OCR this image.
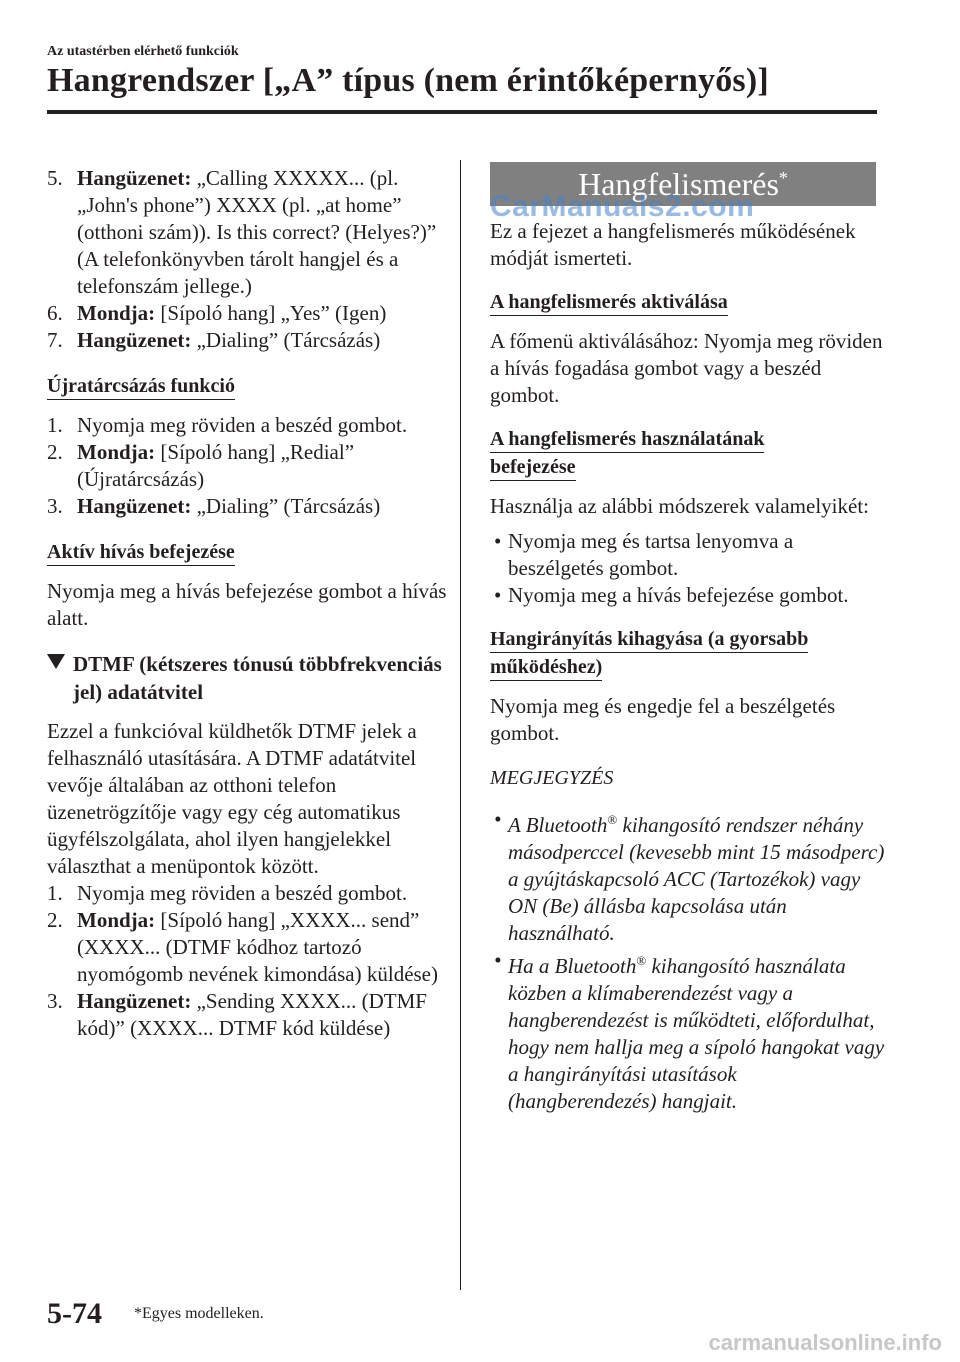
Az utastérben elérhető funkciók
Hangrendszer [„A” típus (nem érintőképernyős)]
5. Hangüzenet: „Calling XXXXX... (pl. „John's phone”) XXXX (pl. „at home” (otthoni szám)). Is this correct? (Helyes?)” (A telefonkönyvben tárolt hangjel és a telefonszám jellege.)
6. Mondja: [Sípoló hang] „Yes” (Igen)
7. Hangüzenet: „Dialing” (Tárcsázás)
Újratárcsázás funkció
1. Nyomja meg röviden a beszéd gombot.
2. Mondja: [Sípoló hang] „Redial” (Újratárcsázás)
3. Hangüzenet: „Dialing” (Tárcsázás)
Aktív hívás befejezése

Nyomja meg a hívás befejezése gombot a hívás alatt.

DTMF (kétszeres tónusú többfrekvenciás jel) adatátvitel

Ezzel a funkcióval küldhetők DTMF jelek a felhasználó utasítására. A DTMF adatátvitel vevője általában az otthoni telefon üzenetrögzítője vagy egy cég automatikus ügyfélszolgálata, ahol ilyen hangjelekkel választhat a menüpontok között.

1. Nyomja meg röviden a beszéd gombot.
2. Mondja: [Sípoló hang] „XXXX... send” (XXXX... (DTMF kódhoz tartozó nyomógomb nevének kimondása) küldése)
3. Hangüzenet: „Sending XXXX... (DTMF kód)” (XXXX... DTMF kód küldése)
Hangfelismerés*

Ez a fejezet a hangfelismerés működésének módját ismerteti.

A hangfelismerés aktiválása

A főmenü aktiválásához: Nyomja meg röviden a hívás fogadása gombot vagy a beszéd gombot.

A hangfelismerés használatának
befejezése

Használja az alábbi módszerek valamelyikét:

• Nyomja meg és tartsa lenyomva a beszélgetés gombot.
• Nyomja meg a hívás befejezése gombot.
Hangirányítás kihagyása (a gyorsabb
működéshez)

Nyomja meg és engedje fel a beszélgetés gombot.

MEGJEGYZÉS

• A Bluetooth® kihangosító rendszer néhány másodperccel (kevesebb mint 15 másodperc) a gyújtáskapcsoló ACC (Tartozékok) vagy ON (Be) állásba kapcsolása után használható.
• Ha a Bluetooth® kihangosító használata közben a klímaberendezést vagy a hangberendezést is működteti, előfordulhat, hogy nem hallja meg a sípoló hangokat vagy a hangirányítási utasítások (hangberendezés) hangjait.
CarManuals2.com
5-74 *Egyes modelleken.
carmanualsonline.info
